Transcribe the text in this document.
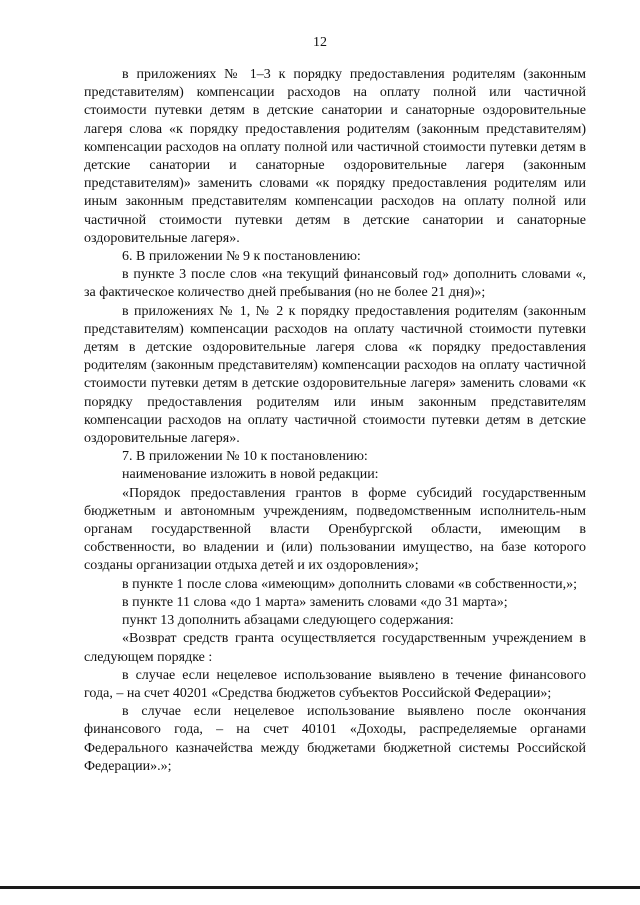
12

в приложениях № 1–3 к порядку предоставления родителям (законным представителям) компенсации расходов на оплату полной или частичной стоимости путевки детям в детские санатории и санаторные оздоровительные лагеря слова «к порядку предоставления родителям (законным представителям) компенсации расходов на оплату полной или частичной стоимости путевки детям в детские санатории и санаторные оздоровительные лагеря (законным представителям)» заменить словами «к порядку предоставления родителям или иным законным представителям компенсации расходов на оплату полной или частичной стоимости путевки детям в детские санатории и санаторные оздоровительные лагеря».

6. В приложении № 9 к постановлению:

в пункте 3 после слов «на текущий финансовый год» дополнить словами «, за фактическое количество дней пребывания (но не более 21 дня)»;

в приложениях № 1, № 2 к порядку предоставления родителям (законным представителям) компенсации расходов на оплату частичной стоимости путевки детям в детские оздоровительные лагеря слова «к порядку предоставления родителям (законным представителям) компенсации расходов на оплату частичной стоимости путевки детям в детские оздоровительные лагеря» заменить словами «к порядку предоставления родителям или иным законным представителям компенсации расходов на оплату частичной стоимости путевки детям в детские оздоровительные лагеря».

7. В приложении № 10 к постановлению:

наименование изложить в новой редакции:

«Порядок предоставления грантов в форме субсидий государственным бюджетным и автономным учреждениям, подведомственным исполнитель-ным органам государственной власти Оренбургской области, имеющим в собственности, во владении и (или) пользовании имущество, на базе которого созданы организации отдыха детей и их оздоровления»;

в пункте 1 после слова «имеющим» дополнить словами «в собственности,»;

в пункте 11 слова «до 1 марта» заменить словами «до 31 марта»;

пункт 13 дополнить абзацами следующего содержания:

«Возврат средств гранта осуществляется государственным учреждением в следующем порядке :

в случае если нецелевое использование выявлено в течение финансового года, – на счет 40201 «Средства бюджетов субъектов Российской Федерации»;

в случае если нецелевое использование выявлено после окончания финансового года, – на счет 40101 «Доходы, распределяемые органами Федерального казначейства между бюджетами бюджетной системы Российской Федерации».»;
